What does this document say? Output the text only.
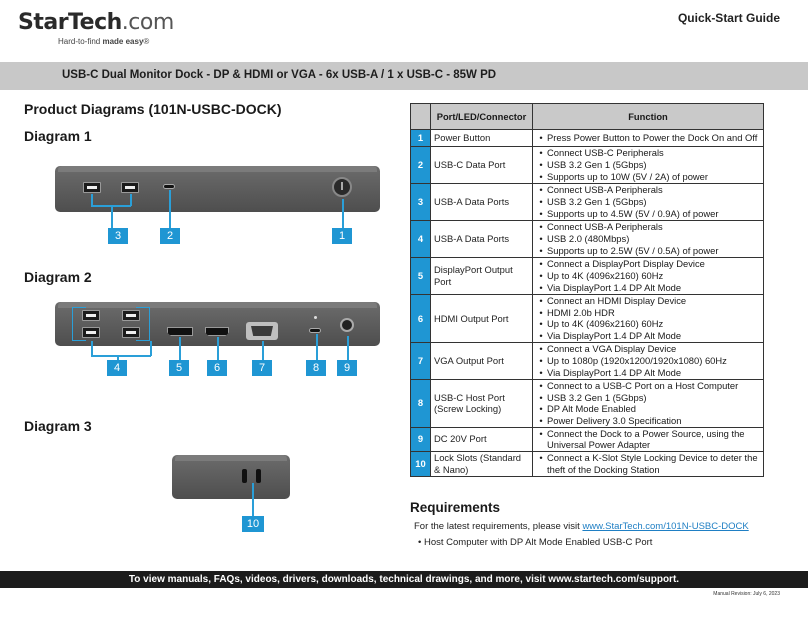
StarTech.com
Hard-to-find made easy®
Quick-Start Guide
USB-C Dual Monitor Dock - DP & HDMI or VGA - 6x USB-A / 1 x USB-C - 85W PD
Product Diagrams (101N-USBC-DOCK)
Diagram 1
3	2	1
Diagram 2
4	5	6	7	8	9
Diagram 3
10
	Port/LED/Connector	Function
1	Power Button	• Press Power Button to Power the Dock On and Off

2	USB-C Data Port	• Connect USB-C Peripherals
• USB 3.2 Gen 1 (5Gbps)
• Supports up to 10W (5V / 2A) of power

3	USB-A Data Ports	• Connect USB-A Peripherals
• USB 3.2 Gen 1 (5Gbps)
• Supports up to 4.5W (5V / 0.9A) of power

4	USB-A Data Ports	• Connect USB-A Peripherals
• USB 2.0 (480Mbps)
• Supports up to 2.5W (5V / 0.5A) of power

5	DisplayPort Output Port	• Connect a DisplayPort Display Device
• Up to 4K (4096x2160) 60Hz
• Via DisplayPort 1.4 DP Alt Mode

6	HDMI Output Port	• Connect an HDMI Display Device
• HDMI 2.0b HDR
• Up to 4K (4096x2160) 60Hz
• Via DisplayPort 1.4 DP Alt Mode

7	VGA Output Port	• Connect a VGA Display Device
• Up to 1080p (1920x1200/1920x1080) 60Hz
• Via DisplayPort 1.4 DP Alt Mode

8	USB-C Host Port (Screw Locking)	• Connect to a USB-C Port on a Host Computer
• USB 3.2 Gen 1 (5Gbps)
• DP Alt Mode Enabled
• Power Delivery 3.0 Specification

9	DC 20V Port	• Connect the Dock to a Power Source, using the Universal Power Adapter

10	Lock Slots (Standard & Nano)	• Connect a K-Slot Style Locking Device to deter the theft of the Docking Station
Requirements
For the latest requirements, please visit www.StarTech.com/101N-USBC-DOCK
• Host Computer with DP Alt Mode Enabled USB-C Port
To view manuals, FAQs, videos, drivers, downloads, technical drawings, and more, visit www.startech.com/support.
Manual Revision: July 6, 2023
